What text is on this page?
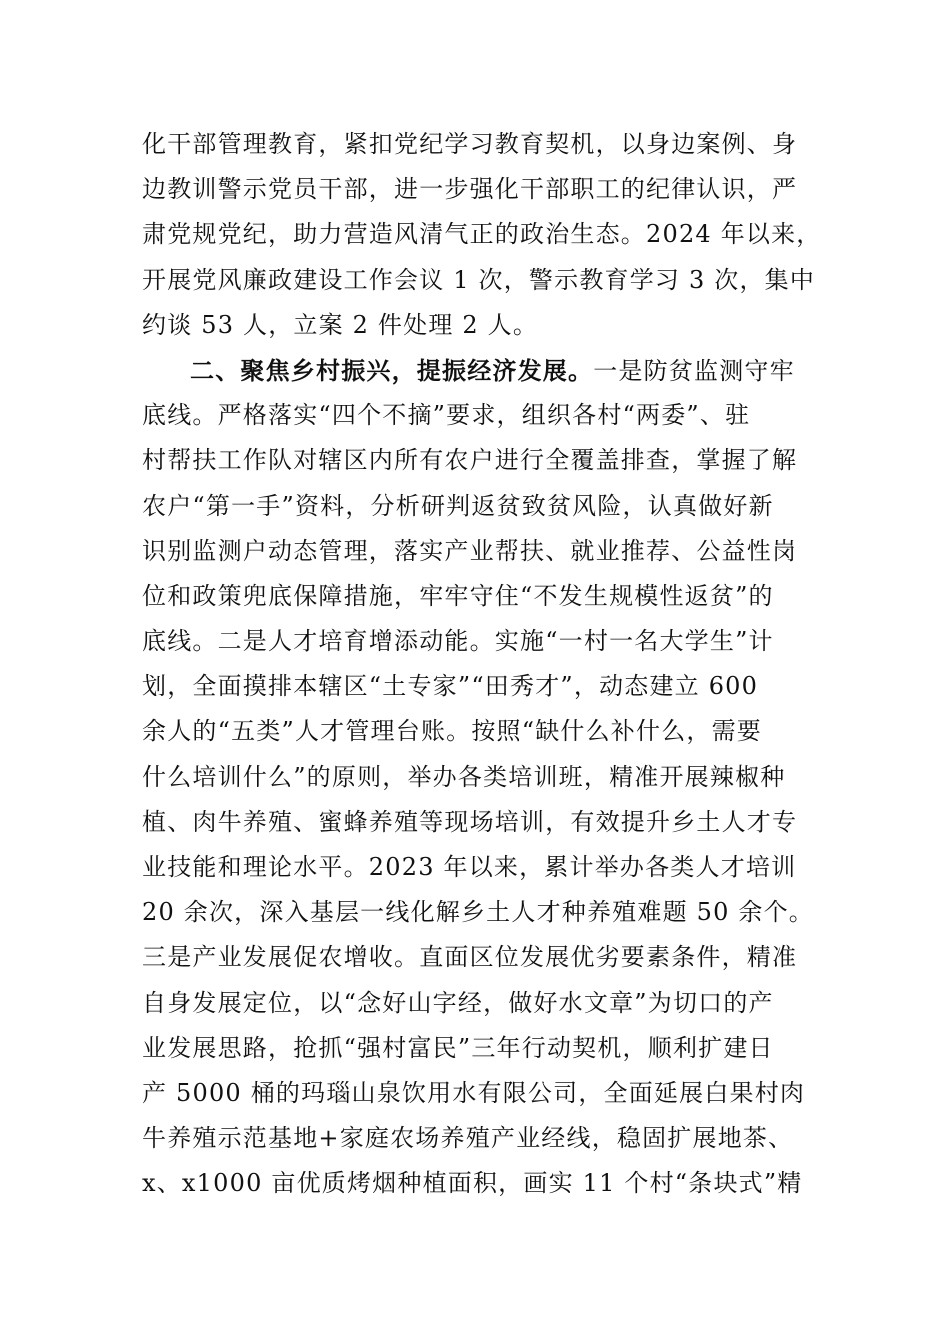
化干部管理教育，紧扣党纪学习教育契机，以身边案例、身
边教训警示党员干部，进一步强化干部职工的纪律认识，严
肃党规党纪，助力营造风清气正的政治生态。2024 年以来，
开展党风廉政建设工作会议 1 次，警示教育学习 3 次，集中
约谈 53 人，立案 2 件处理 2 人。
二、聚焦乡村振兴，提振经济发展。一是防贫监测守牢
底线。严格落实“四个不摘”要求，组织各村“两委”、驻
村帮扶工作队对辖区内所有农户进行全覆盖排查，掌握了解
农户“第一手”资料，分析研判返贫致贫风险，认真做好新
识别监测户动态管理，落实产业帮扶、就业推荐、公益性岗
位和政策兜底保障措施，牢牢守住“不发生规模性返贫”的
底线。二是人才培育增添动能。实施“一村一名大学生”计
划，全面摸排本辖区“土专家”“田秀才”，动态建立 600
余人的“五类”人才管理台账。按照“缺什么补什么，需要
什么培训什么”的原则，举办各类培训班，精准开展辣椒种
植、肉牛养殖、蜜蜂养殖等现场培训，有效提升乡土人才专
业技能和理论水平。2023 年以来，累计举办各类人才培训
20 余次，深入基层一线化解乡土人才种养殖难题 50 余个。
三是产业发展促农增收。直面区位发展优劣要素条件，精准
自身发展定位，以“念好山字经，做好水文章”为切口的产
业发展思路，抢抓“强村富民”三年行动契机，顺利扩建日
产 5000 桶的玛瑙山泉饮用水有限公司，全面延展白果村肉
牛养殖示范基地+家庭农场养殖产业经线，稳固扩展地茶、
x、x1000 亩优质烤烟种植面积，画实 11 个村“条块式”精
